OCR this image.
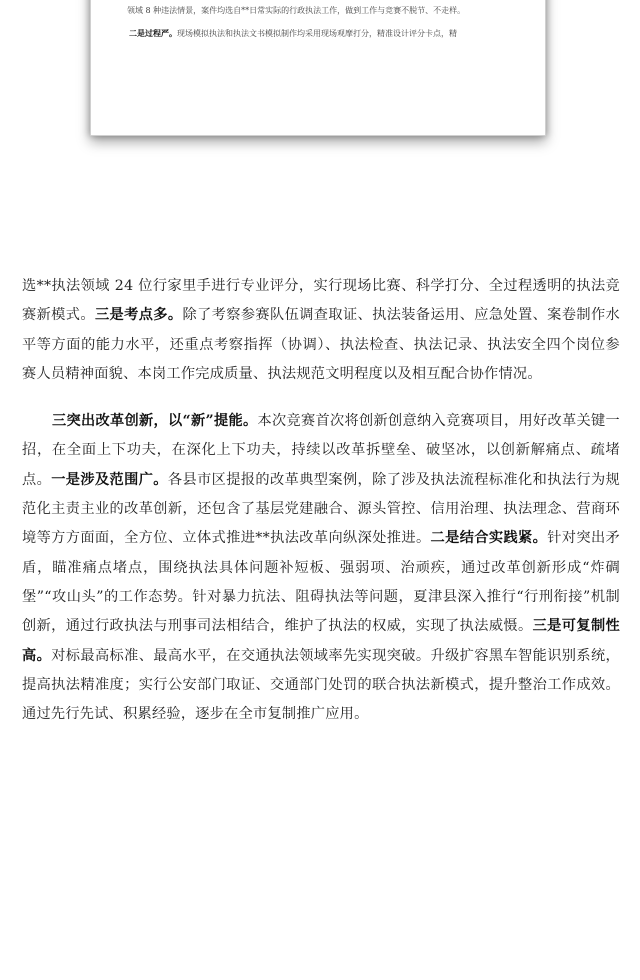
领域 8 种违法情景，案件均选自**日常实际的行政执法工作，做到工作与竞赛不脱节、不走样。

二是过程严。现场模拟执法和执法文书模拟制作均采用现场观摩打分，精准设计评分卡点，精

选**执法领域 24 位行家里手进行专业评分，实行现场比赛、科学打分、全过程透明的执法竞赛新模式。三是考点多。除了考察参赛队伍调查取证、执法装备运用、应急处置、案卷制作水平等方面的能力水平，还重点考察指挥（协调）、执法检查、执法记录、执法安全四个岗位参赛人员精神面貌、本岗工作完成质量、执法规范文明程度以及相互配合协作情况。

三突出改革创新，以“新”提能。本次竞赛首次将创新创意纳入竞赛项目，用好改革关键一招，在全面上下功夫，在深化上下功夫，持续以改革拆壁垒、破坚冰，以创新解痛点、疏堵点。一是涉及范围广。各县市区提报的改革典型案例，除了涉及执法流程标准化和执法行为规范化主责主业的改革创新，还包含了基层党建融合、源头管控、信用治理、执法理念、营商环境等方方面面，全方位、立体式推进**执法改革向纵深处推进。二是结合实践紧。针对突出矛盾，瞄准痛点堵点，围绕执法具体问题补短板、强弱项、治顽疾，通过改革创新形成“炸碉堡”“攻山头”的工作态势。针对暴力抗法、阻碍执法等问题，夏津县深入推行“行刑衔接”机制创新，通过行政执法与刑事司法相结合，维护了执法的权威，实现了执法威慑。三是可复制性高。对标最高标准、最高水平，在交通执法领域率先实现突破。升级扩容黑车智能识别系统，提高执法精准度；实行公安部门取证、交通部门处罚的联合执法新模式，提升整治工作成效。通过先行先试、积累经验，逐步在全市复制推广应用。
